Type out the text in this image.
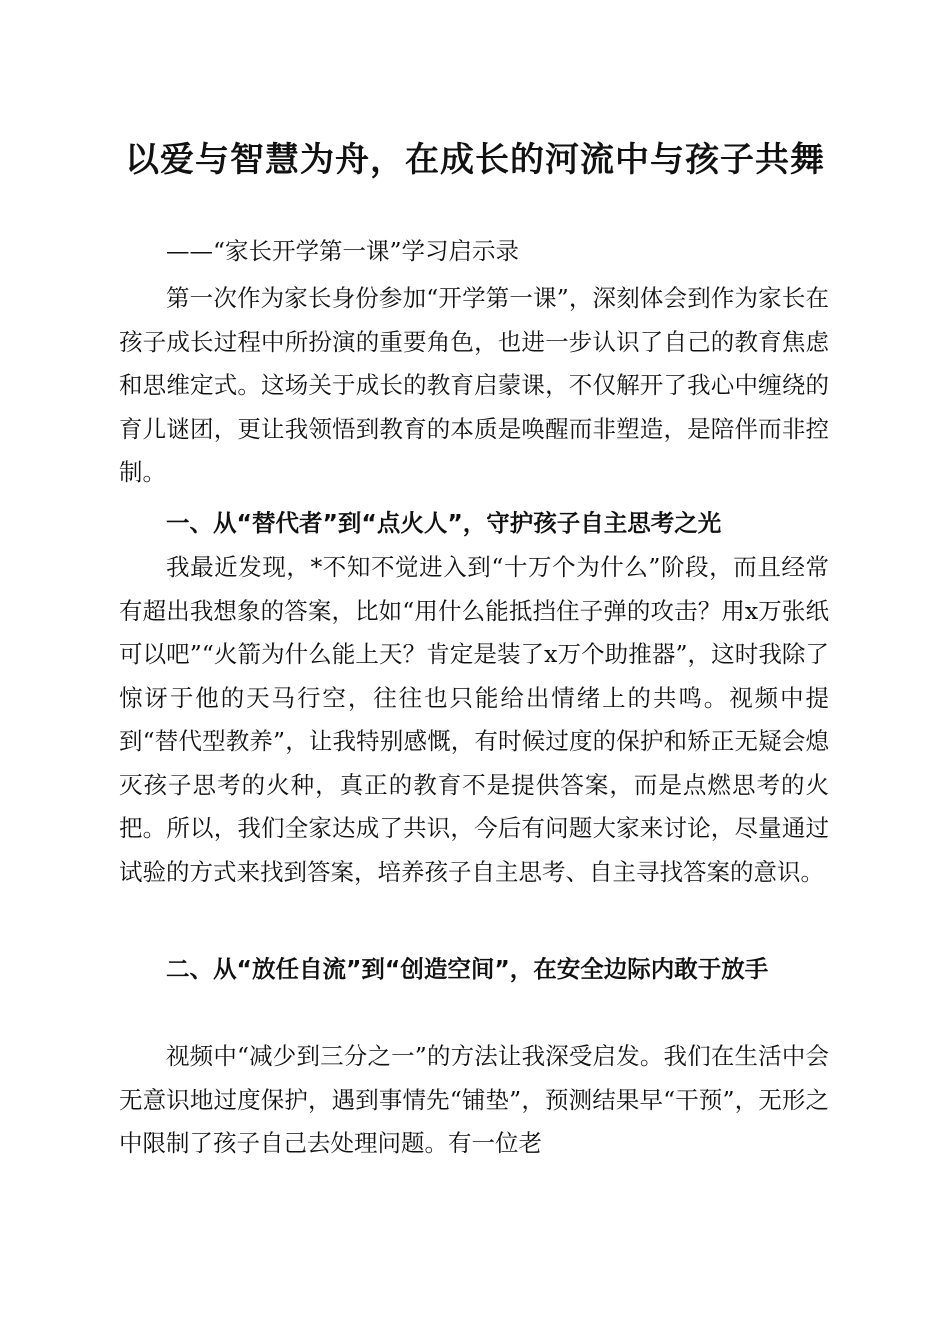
以爱与智慧为舟，在成长的河流中与孩子共舞

——“家长开学第一课”学习启示录

第一次作为家长身份参加“开学第一课”，深刻体会到作为家长在孩子成长过程中所扮演的重要角色，也进一步认识了自己的教育焦虑和思维定式。这场关于成长的教育启蒙课，不仅解开了我心中缠绕的育儿谜团，更让我领悟到教育的本质是唤醒而非塑造，是陪伴而非控制。

一、从“替代者”到“点火人”，守护孩子自主思考之光

我最近发现，*不知不觉进入到“十万个为什么”阶段，而且经常有超出我想象的答案，比如“用什么能抵挡住子弹的攻击？用x万张纸可以吧”“火箭为什么能上天？肯定是装了x万个助推器”，这时我除了惊讶于他的天马行空，往往也只能给出情绪上的共鸣。视频中提到“替代型教养”，让我特别感慨，有时候过度的保护和矫正无疑会熄灭孩子思考的火种，真正的教育不是提供答案，而是点燃思考的火把。所以，我们全家达成了共识，今后有问题大家来讨论，尽量通过试验的方式来找到答案，培养孩子自主思考、自主寻找答案的意识。

二、从“放任自流”到“创造空间”，在安全边际内敢于放手

视频中“减少到三分之一”的方法让我深受启发。我们在生活中会无意识地过度保护，遇到事情先“铺垫”，预测结果早“干预”，无形之中限制了孩子自己去处理问题。有一位老
